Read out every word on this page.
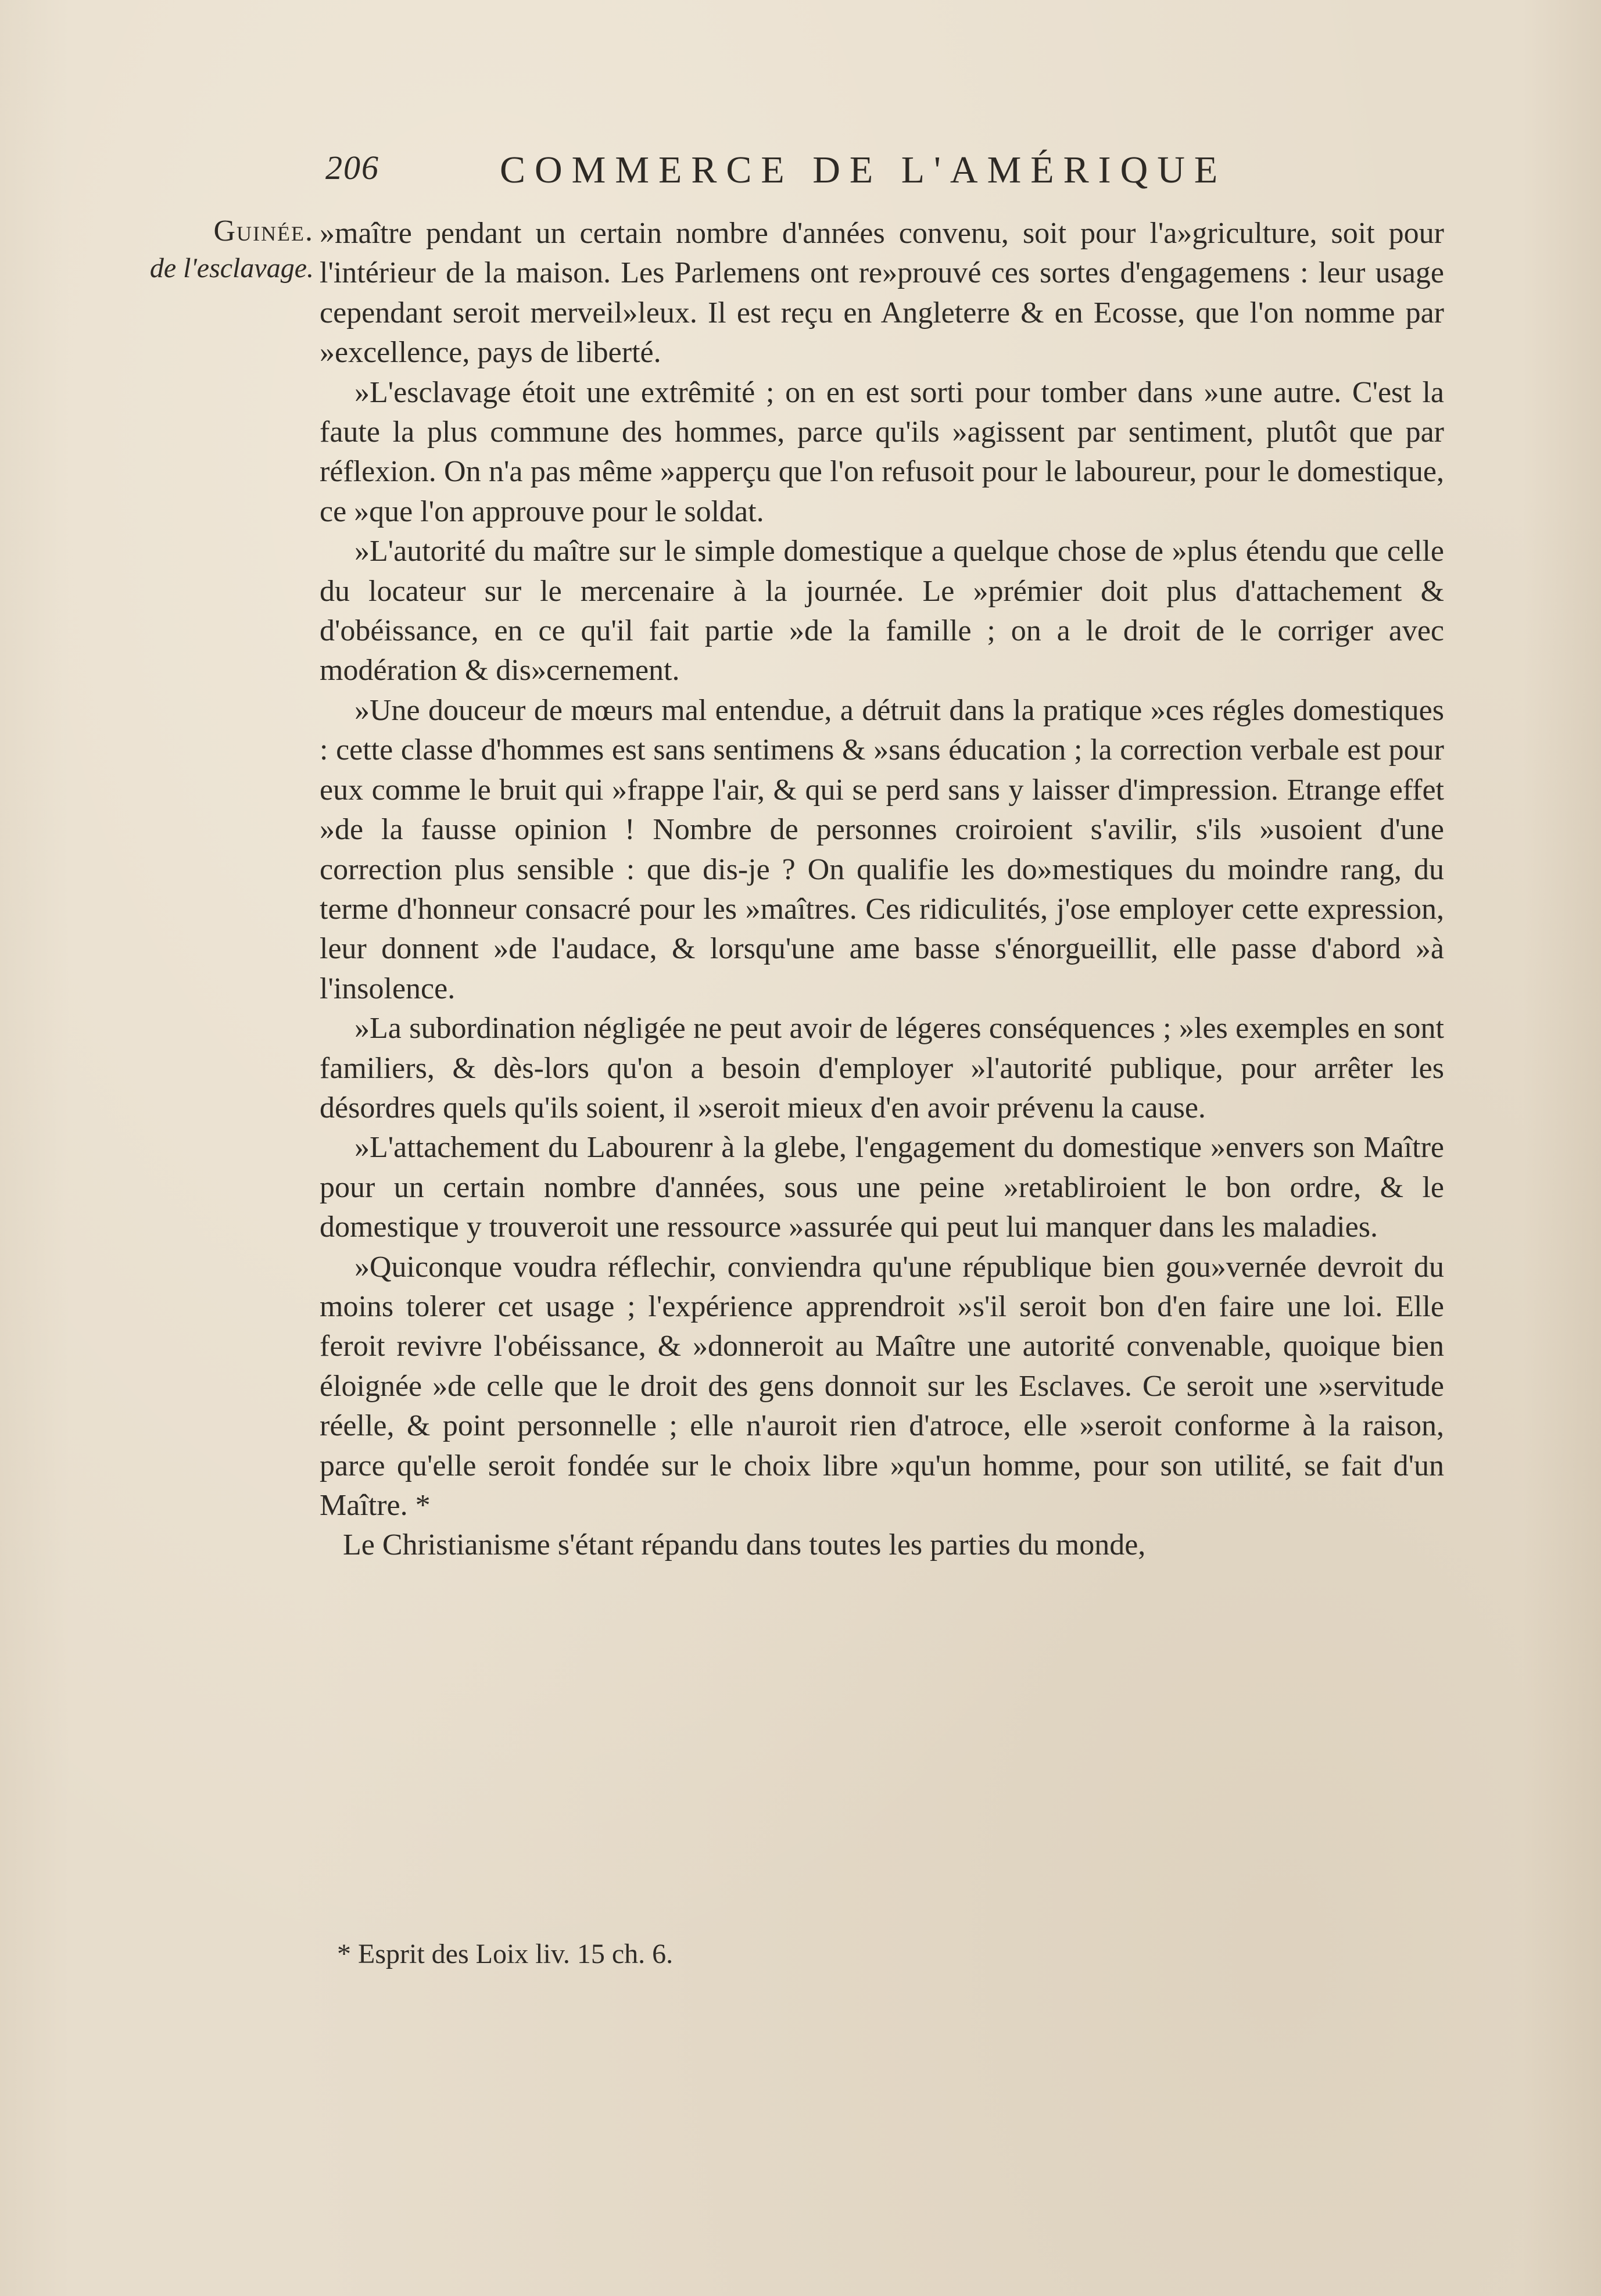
206	COMMERCE DE L'AMÉRIQUE
Guinée.
de l'esclavage.

»maître pendant un certain nombre d'années convenu, soit pour l'a»griculture, soit pour l'intérieur de la maison. Les Parlemens ont re»prouvé ces sortes d'engagemens : leur usage cependant seroit merveil»leux. Il est reçu en Angleterre & en Ecosse, que l'on nomme par »excellence, pays de liberté.

»L'esclavage étoit une extrêmité ; on en est sorti pour tomber dans »une autre. C'est la faute la plus commune des hommes, parce qu'ils »agissent par sentiment, plutôt que par réflexion. On n'a pas même »apperçu que l'on refusoit pour le laboureur, pour le domestique, ce »que l'on approuve pour le soldat.

»L'autorité du maître sur le simple domestique a quelque chose de »plus étendu que celle du locateur sur le mercenaire à la journée. Le »prémier doit plus d'attachement & d'obéissance, en ce qu'il fait partie »de la famille ; on a le droit de le corriger avec modération & dis»cernement.

»Une douceur de mœurs mal entendue, a détruit dans la pratique »ces régles domestiques : cette classe d'hommes est sans sentimens & »sans éducation ; la correction verbale est pour eux comme le bruit qui »frappe l'air, & qui se perd sans y laisser d'impression. Etrange effet »de la fausse opinion ! Nombre de personnes croiroient s'avilir, s'ils »usoient d'une correction plus sensible : que dis-je ? On qualifie les do»mestiques du moindre rang, du terme d'honneur consacré pour les »maîtres. Ces ridiculités, j'ose employer cette expression, leur donnent »de l'audace, & lorsqu'une ame basse s'énorgueillit, elle passe d'abord »à l'insolence.

»La subordination négligée ne peut avoir de légeres conséquences ; »les exemples en sont familiers, & dès-lors qu'on a besoin d'employer »l'autorité publique, pour arrêter les désordres quels qu'ils soient, il »seroit mieux d'en avoir prévenu la cause.

»L'attachement du Labourenr à la glebe, l'engagement du domestique »envers son Maître pour un certain nombre d'années, sous une peine »retabliroient le bon ordre, & le domestique y trouveroit une ressource »assurée qui peut lui manquer dans les maladies.

»Quiconque voudra réflechir, conviendra qu'une république bien gou»vernée devroit du moins tolerer cet usage ; l'expérience apprendroit »s'il seroit bon d'en faire une loi. Elle feroit revivre l'obéissance, & »donneroit au Maître une autorité convenable, quoique bien éloignée »de celle que le droit des gens donnoit sur les Esclaves. Ce seroit une »servitude réelle, & point personnelle ; elle n'auroit rien d'atroce, elle »seroit conforme à la raison, parce qu'elle seroit fondée sur le choix libre »qu'un homme, pour son utilité, se fait d'un Maître. *

Le Christianisme s'étant répandu dans toutes les parties du monde,

* Esprit des Loix liv. 15 ch. 6.
